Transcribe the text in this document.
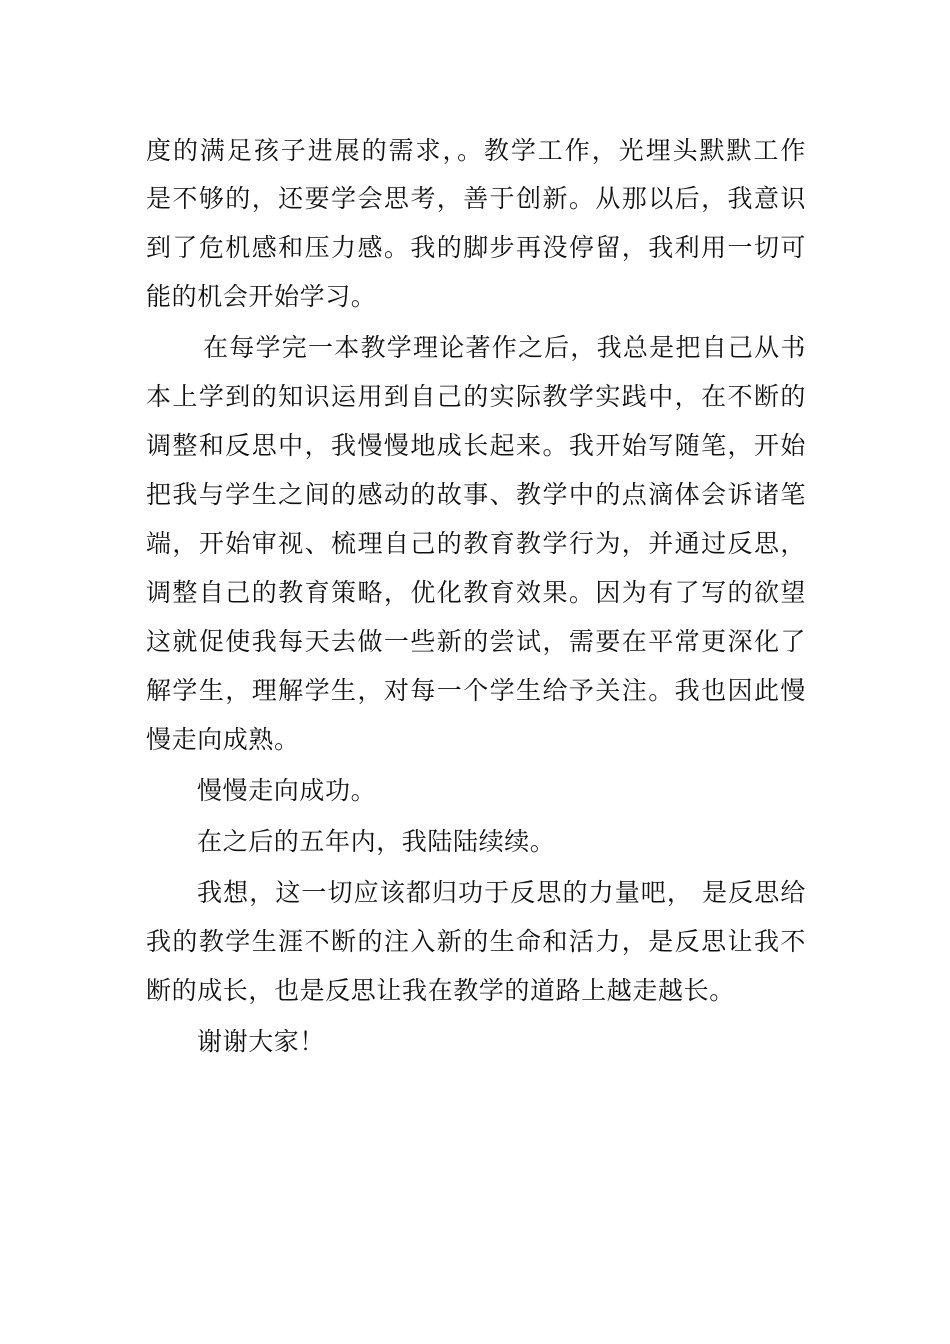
度的满足孩子进展的需求，。教学工作，光埋头默默工作
是不够的，还要学会思考，善于创新。从那以后，我意识
到了危机感和压力感。我的脚步再没停留，我利用一切可
能的机会开始学习。
在每学完一本教学理论著作之后，我总是把自己从书
本上学到的知识运用到自己的实际教学实践中，在不断的
调整和反思中，我慢慢地成长起来。我开始写随笔，开始
把我与学生之间的感动的故事、教学中的点滴体会诉诸笔
端，开始审视、梳理自己的教育教学行为，并通过反思，
调整自己的教育策略，优化教育效果。因为有了写的欲望
这就促使我每天去做一些新的尝试，需要在平常更深化了
解学生，理解学生，对每一个学生给予关注。我也因此慢
慢走向成熟。
慢慢走向成功。
在之后的五年内，我陆陆续续。
我想，这一切应该都归功于反思的力量吧， 是反思给
我的教学生涯不断的注入新的生命和活力，是反思让我不
断的成长，也是反思让我在教学的道路上越走越长。
谢谢大家！
